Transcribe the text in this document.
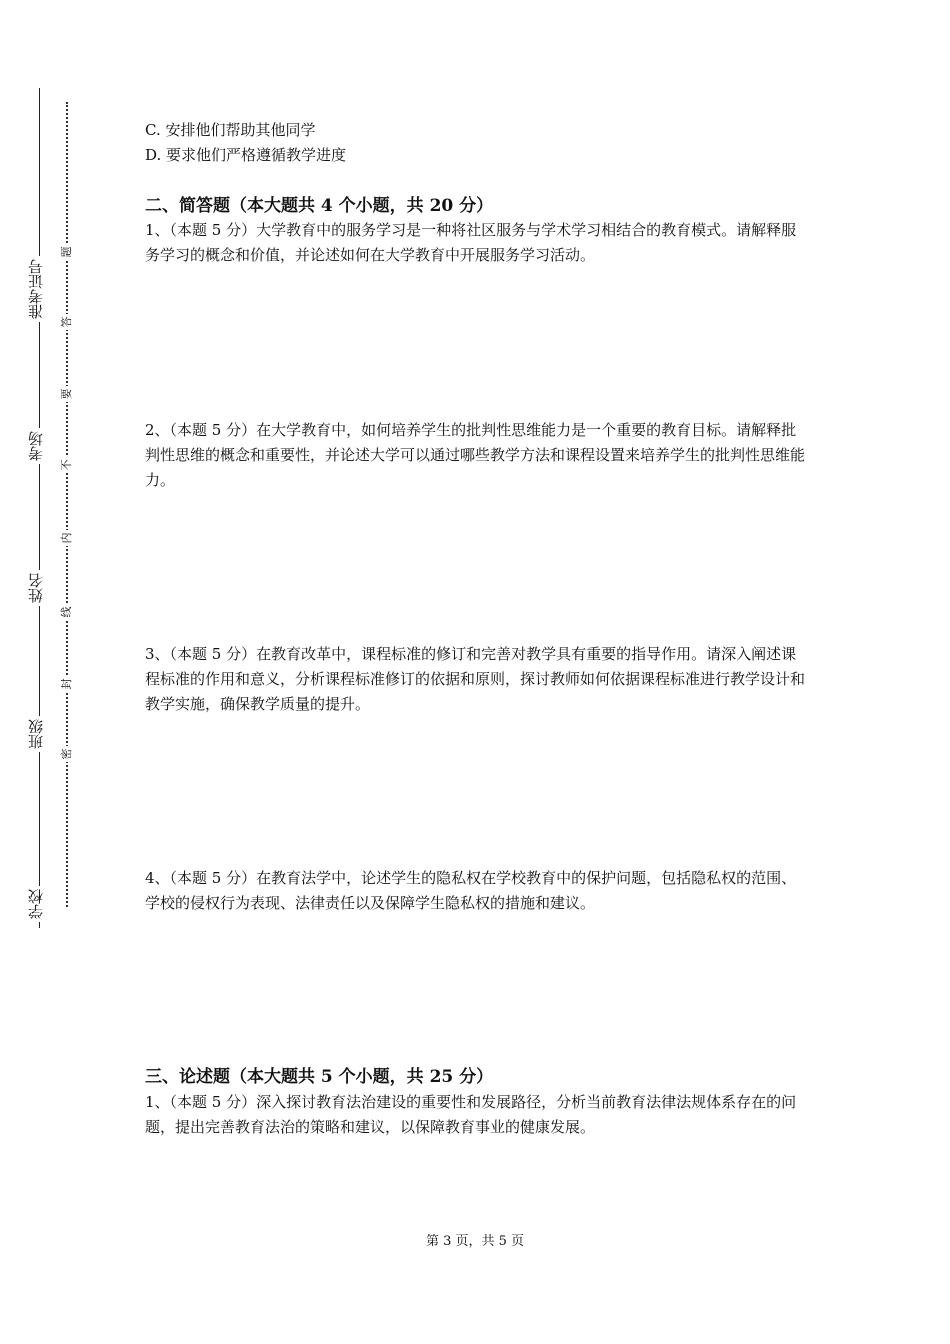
准考证号
考场
姓名
班级
学校
题
答
要
不
内
线
封
密
C. 安排他们帮助其他同学
D. 要求他们严格遵循教学进度
二、简答题（本大题共 4 个小题，共 20 分）
1、（本题 5 分）大学教育中的服务学习是一种将社区服务与学术学习相结合的教育模式。请解释服务学习的概念和价值，并论述如何在大学教育中开展服务学习活动。
2、（本题 5 分）在大学教育中，如何培养学生的批判性思维能力是一个重要的教育目标。请解释批判性思维的概念和重要性，并论述大学可以通过哪些教学方法和课程设置来培养学生的批判性思维能力。
3、（本题 5 分）在教育改革中，课程标准的修订和完善对教学具有重要的指导作用。请深入阐述课程标准的作用和意义，分析课程标准修订的依据和原则，探讨教师如何依据课程标准进行教学设计和教学实施，确保教学质量的提升。
4、（本题 5 分）在教育法学中，论述学生的隐私权在学校教育中的保护问题，包括隐私权的范围、学校的侵权行为表现、法律责任以及保障学生隐私权的措施和建议。
三、论述题（本大题共 5 个小题，共 25 分）
1、（本题 5 分）深入探讨教育法治建设的重要性和发展路径，分析当前教育法律法规体系存在的问题，提出完善教育法治的策略和建议，以保障教育事业的健康发展。
第 3 页，共 5 页
